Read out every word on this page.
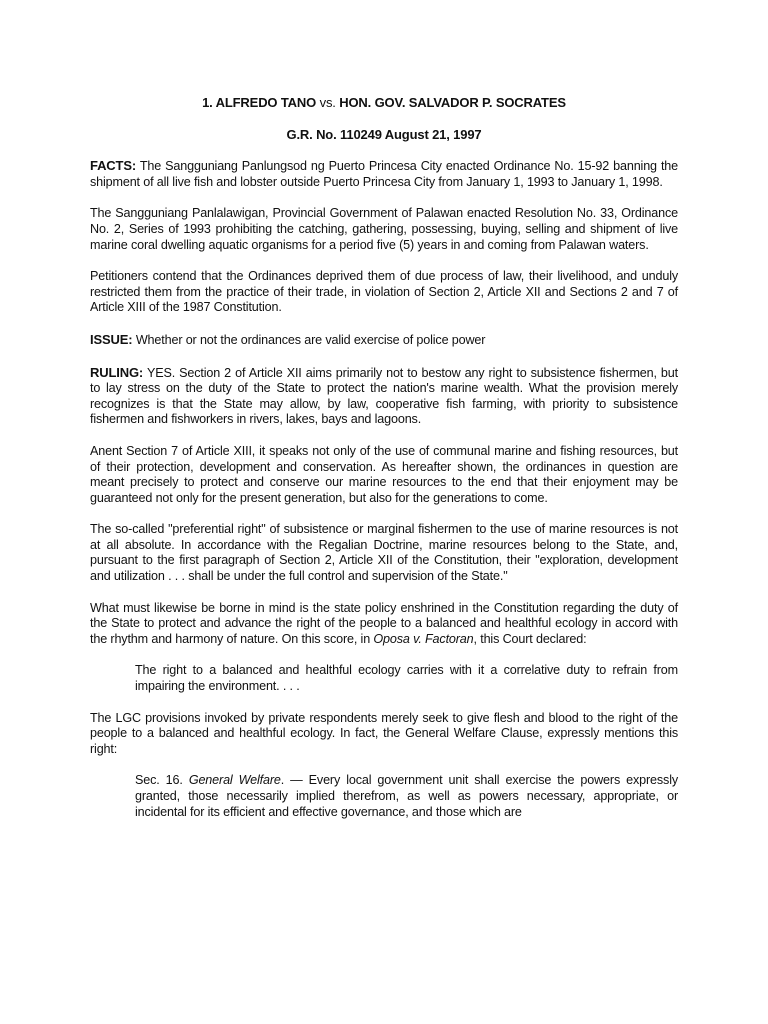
1. ALFREDO TANO vs. HON. GOV. SALVADOR P. SOCRATES
G.R. No. 110249 August 21, 1997

FACTS: The Sangguniang Panlungsod ng Puerto Princesa City enacted Ordinance No. 15-92 banning the shipment of all live fish and lobster outside Puerto Princesa City from January 1, 1993 to January 1, 1998.

The Sangguniang Panlalawigan, Provincial Government of Palawan enacted Resolution No. 33, Ordinance No. 2, Series of 1993 prohibiting the catching, gathering, possessing, buying, selling and shipment of live marine coral dwelling aquatic organisms for a period five (5) years in and coming from Palawan waters.

Petitioners contend that the Ordinances deprived them of due process of law, their livelihood, and unduly restricted them from the practice of their trade, in violation of Section 2, Article XII and Sections 2 and 7 of Article XIII of the 1987 Constitution.

ISSUE: Whether or not the ordinances are valid exercise of police power

RULING: YES. Section 2 of Article XII aims primarily not to bestow any right to subsistence fishermen, but to lay stress on the duty of the State to protect the nation's marine wealth. What the provision merely recognizes is that the State may allow, by law, cooperative fish farming, with priority to subsistence fishermen and fishworkers in rivers, lakes, bays and lagoons.

Anent Section 7 of Article XIII, it speaks not only of the use of communal marine and fishing resources, but of their protection, development and conservation. As hereafter shown, the ordinances in question are meant precisely to protect and conserve our marine resources to the end that their enjoyment may be guaranteed not only for the present generation, but also for the generations to come.

The so-called "preferential right" of subsistence or marginal fishermen to the use of marine resources is not at all absolute. In accordance with the Regalian Doctrine, marine resources belong to the State, and, pursuant to the first paragraph of Section 2, Article XII of the Constitution, their "exploration, development and utilization . . . shall be under the full control and supervision of the State."

What must likewise be borne in mind is the state policy enshrined in the Constitution regarding the duty of the State to protect and advance the right of the people to a balanced and healthful ecology in accord with the rhythm and harmony of nature. On this score, in Oposa v. Factoran, this Court declared:

The right to a balanced and healthful ecology carries with it a correlative duty to refrain from impairing the environment. . . .

The LGC provisions invoked by private respondents merely seek to give flesh and blood to the right of the people to a balanced and healthful ecology. In fact, the General Welfare Clause, expressly mentions this right:

Sec. 16. General Welfare. — Every local government unit shall exercise the powers expressly granted, those necessarily implied therefrom, as well as powers necessary, appropriate, or incidental for its efficient and effective governance, and those which are
